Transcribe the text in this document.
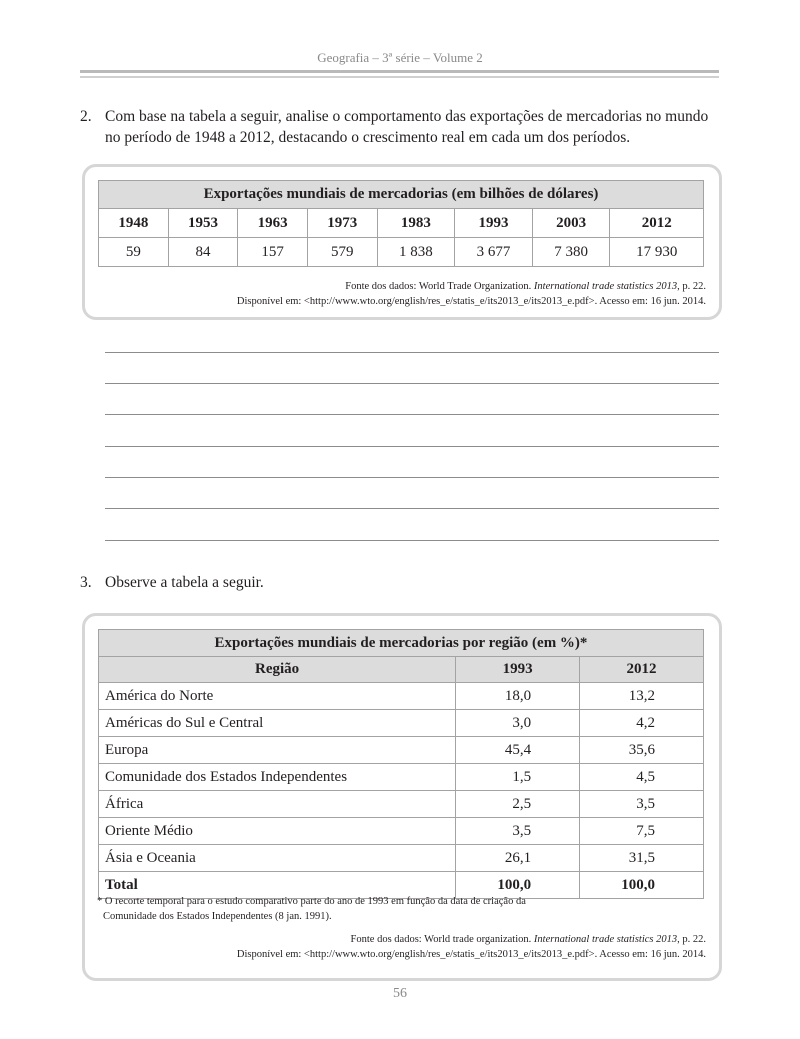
Geografia – 3ª série – Volume 2
2. Com base na tabela a seguir, analise o comportamento das exportações de mercadorias no mundo no período de 1948 a 2012, destacando o crescimento real em cada um dos períodos.
Exportações mundiais de mercadorias (em bilhões de dólares)							
1948	1953	1963	1973	1983	1993	2003	2012
59	84	157	579	1 838	3 677	7 380	17 930
Fonte dos dados: World Trade Organization. International trade statistics 2013, p. 22.
Disponível em: <http://www.wto.org/english/res_e/statis_e/its2013_e/its2013_e.pdf>. Acesso em: 16 jun. 2014.
3. Observe a tabela a seguir.
Exportações mundiais de mercadorias por região (em %)*		
Região	1993	2012
América do Norte	18,0	13,2
Américas do Sul e Central	3,0	4,2
Europa	45,4	35,6
Comunidade dos Estados Independentes	1,5	4,5
África	2,5	3,5
Oriente Médio	3,5	7,5
Ásia e Oceania	26,1	31,5
Total	100,0	100,0
* O recorte temporal para o estudo comparativo parte do ano de 1993 em função da data de criação da
Comunidade dos Estados Independentes (8 jan. 1991).
Fonte dos dados: World trade organization. International trade statistics 2013, p. 22.
Disponível em: <http://www.wto.org/english/res_e/statis_e/its2013_e/its2013_e.pdf>. Acesso em: 16 jun. 2014.
56
